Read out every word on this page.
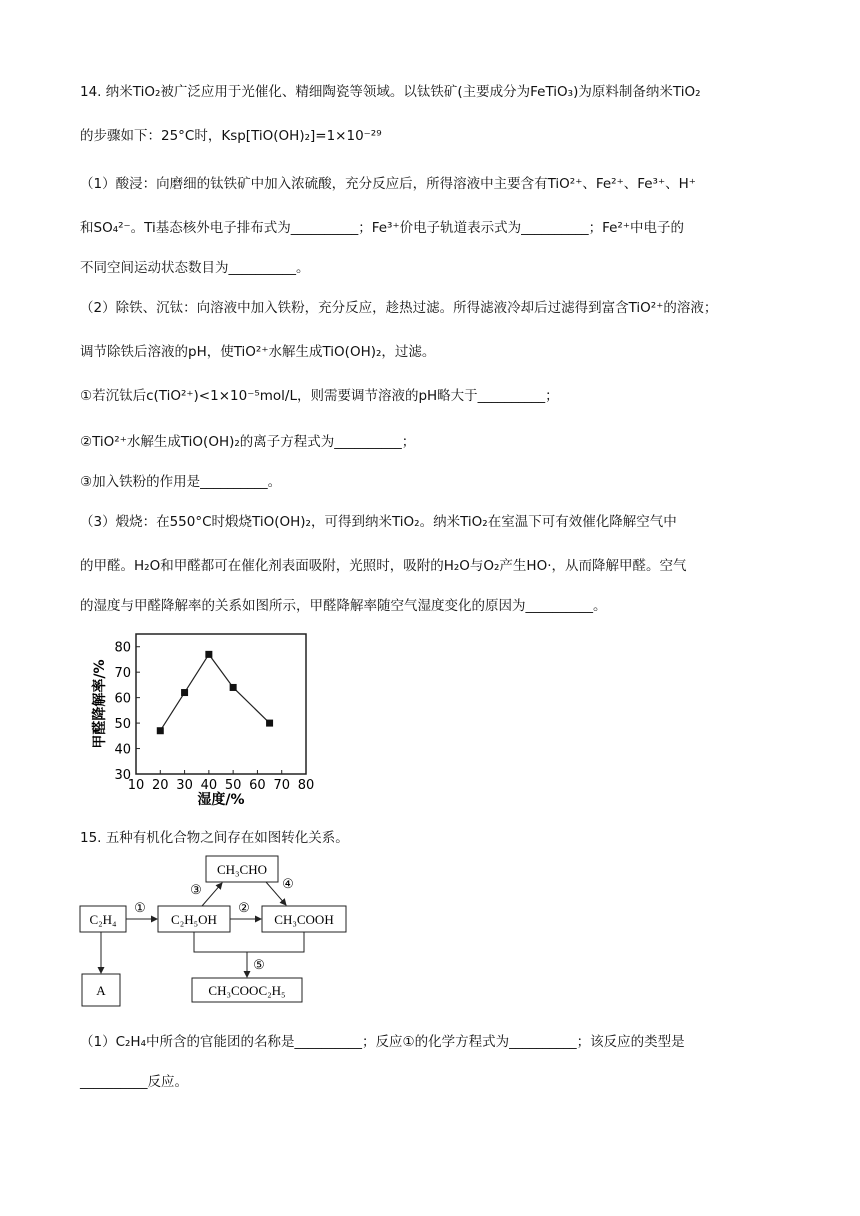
14. 纳米TiO₂被广泛应用于光催化、精细陶瓷等领域。以钛铁矿(主要成分为FeTiO₃)为原料制备纳米TiO₂
的步骤如下：25°C时，Ksp[TiO(OH)₂]=1×10⁻²⁹
（1）酸浸：向磨细的钛铁矿中加入浓硫酸，充分反应后，所得溶液中主要含有TiO²⁺、Fe²⁺、Fe³⁺、H⁺
和SO₄²⁻。Ti基态核外电子排布式为__________；Fe³⁺价电子轨道表示式为__________；Fe²⁺中电子的
不同空间运动状态数目为__________。
（2）除铁、沉钛：向溶液中加入铁粉，充分反应，趁热过滤。所得滤液冷却后过滤得到富含TiO²⁺的溶液；
调节除铁后溶液的pH，使TiO²⁺水解生成TiO(OH)₂，过滤。
①若沉钛后c(TiO²⁺)<1×10⁻⁵mol/L，则需要调节溶液的pH略大于__________；
②TiO²⁺水解生成TiO(OH)₂的离子方程式为__________；
③加入铁粉的作用是__________。
（3）煅烧：在550°C时煅烧TiO(OH)₂，可得到纳米TiO₂。纳米TiO₂在室温下可有效催化降解空气中
的甲醛。H₂O和甲醛都可在催化剂表面吸附，光照时，吸附的H₂O与O₂产生HO·，从而降解甲醛。空气
的湿度与甲醛降解率的关系如图所示，甲醛降解率随空气湿度变化的原因为__________。
10 20 30 40 50 60 70 80
30
40
50
60
70
80
湿度/%
甲醛降解率/%
15. 五种有机化合物之间存在如图转化关系。
C₂H₄	C₂H₅OH
CH₃CHO
CH₃COOH
A	CH₃COOC₂H₅
①	②
③	④
⑤
（1）C₂H₄中所含的官能团的名称是__________；反应①的化学方程式为__________；该反应的类型是
__________反应。
